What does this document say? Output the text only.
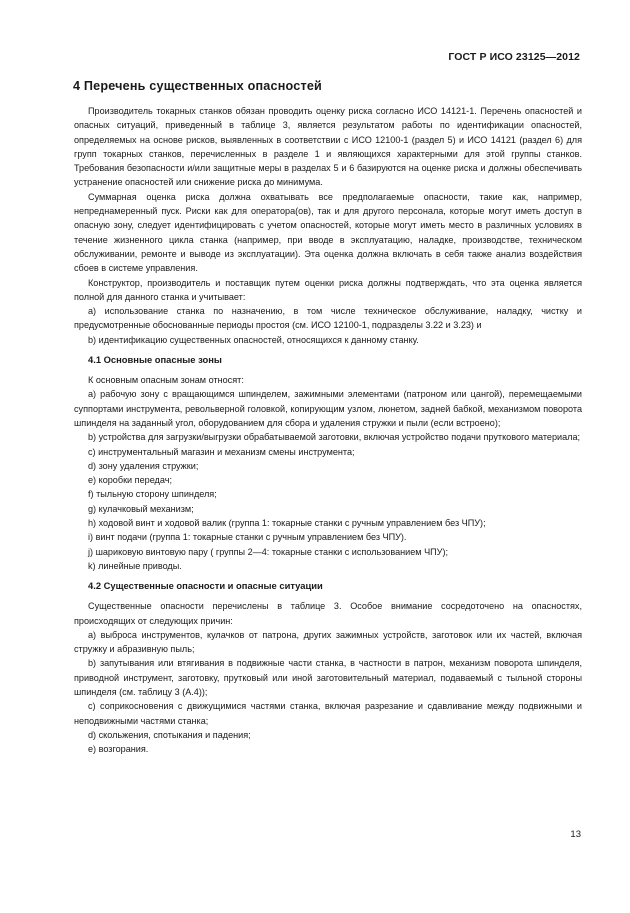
ГОСТ Р ИСО 23125—2012
4 Перечень существенных опасностей

Производитель токарных станков обязан проводить оценку риска согласно ИСО 14121-1. Перечень опасностей и опасных ситуаций, приведенный в таблице 3, является результатом работы по идентификации опасностей, определяемых на основе рисков, выявленных в соответствии с ИСО 12100-1 (раздел 5) и ИСО 14121 (раздел 6) для групп токарных станков, перечисленных в разделе 1 и являющихся характерными для этой группы станков. Требования безопасности и/или защитные меры в разделах 5 и 6 базируются на оценке риска и должны обеспечивать устранение опасностей или снижение риска до минимума.

Суммарная оценка риска должна охватывать все предполагаемые опасности, такие как, например, непреднамеренный пуск. Риски как для оператора(ов), так и для другого персонала, которые могут иметь доступ в опасную зону, следует идентифицировать с учетом опасностей, которые могут иметь место в различных условиях в течение жизненного цикла станка (например, при вводе в эксплуатацию, наладке, производстве, техническом обслуживании, ремонте и выводе из эксплуатации). Эта оценка должна включать в себя также анализ воздействия сбоев в системе управления.

Конструктор, производитель и поставщик путем оценки риска должны подтверждать, что эта оценка является полной для данного станка и учитывает:

a) использование станка по назначению, в том числе техническое обслуживание, наладку, чистку и предусмотренные обоснованные периоды простоя (см. ИСО 12100-1, подразделы 3.22 и 3.23) и

b) идентификацию существенных опасностей, относящихся к данному станку.

4.1 Основные опасные зоны

К основным опасным зонам относят:

a) рабочую зону с вращающимся шпинделем, зажимными элементами (патроном или цангой), перемещаемыми суппортами инструмента, револьверной головкой, копирующим узлом, люнетом, задней бабкой, механизмом поворота шпинделя на заданный угол, оборудованием для сбора и удаления стружки и пыли (если встроено);

b) устройства для загрузки/выгрузки обрабатываемой заготовки, включая устройство подачи пруткового материала;

c) инструментальный магазин и механизм смены инструмента;

d) зону удаления стружки;

e) коробки передач;

f) тыльную сторону шпинделя;

g) кулачковый механизм;

h) ходовой винт и ходовой валик (группа 1: токарные станки с ручным управлением без ЧПУ);

i) винт подачи (группа 1: токарные станки с ручным управлением без ЧПУ).

j) шариковую винтовую пару ( группы 2—4: токарные станки с использованием ЧПУ);

k) линейные приводы.

4.2 Существенные опасности и опасные ситуации

Существенные опасности перечислены в таблице 3. Особое внимание сосредоточено на опасностях, происходящих от следующих причин:

a) выброса инструментов, кулачков от патрона, других зажимных устройств, заготовок или их частей, включая стружку и абразивную пыль;

b) запутывания или втягивания в подвижные части станка, в частности в патрон, механизм поворота шпинделя, приводной инструмент, заготовку, прутковый или иной заготовительный материал, подаваемый с тыльной стороны шпинделя (см. таблицу 3 (А.4));

c) соприкосновения с движущимися частями станка, включая разрезание и сдавливание между подвижными и неподвижными частями станка;

d) скольжения, спотыкания и падения;

e) возгорания.

13
